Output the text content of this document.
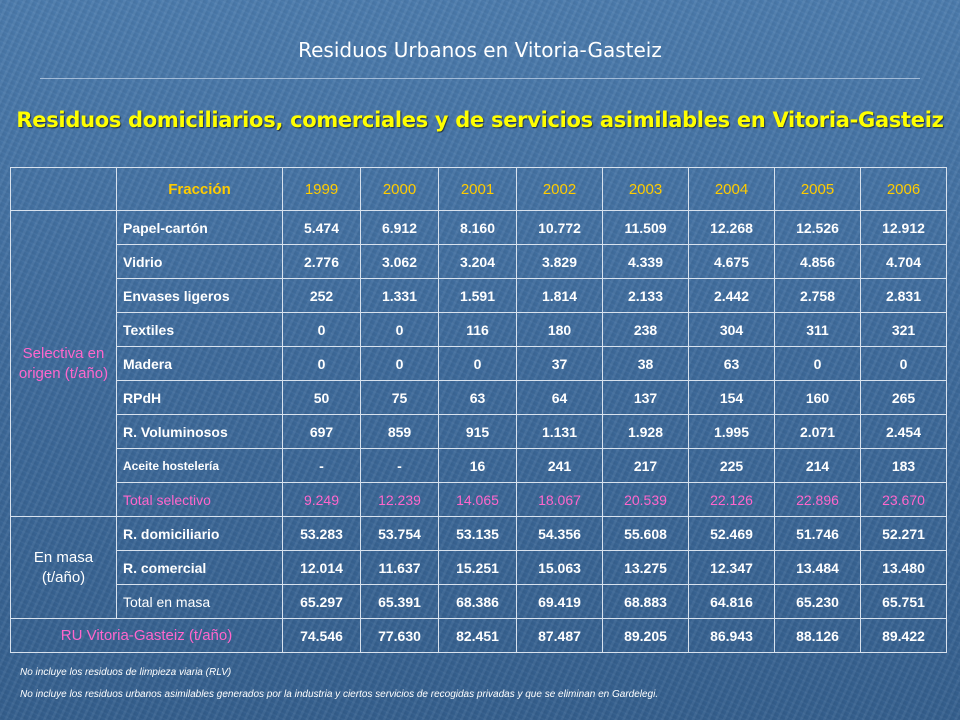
Residuos Urbanos en Vitoria-Gasteiz
Residuos domiciliarios, comerciales y de servicios asimilables en Vitoria-Gasteiz
	Fracción	1999	2000	2001	2002	2003	2004	2005	2006
Selectiva en origen (t/año)	Papel-cartón	5.474	6.912	8.160	10.772	11.509	12.268	12.526	12.912
	Vidrio	2.776	3.062	3.204	3.829	4.339	4.675	4.856	4.704
	Envases ligeros	252	1.331	1.591	1.814	2.133	2.442	2.758	2.831
	Textiles	0	0	116	180	238	304	311	321
	Madera	0	0	0	37	38	63	0	0
	RPdH	50	75	63	64	137	154	160	265
	R. Voluminosos	697	859	915	1.131	1.928	1.995	2.071	2.454
	Aceite hostelería	-	-	16	241	217	225	214	183
	Total selectivo	9.249	12.239	14.065	18.067	20.539	22.126	22.896	23.670
En masa (t/año)	R. domiciliario	53.283	53.754	53.135	54.356	55.608	52.469	51.746	52.271
	R. comercial	12.014	11.637	15.251	15.063	13.275	12.347	13.484	13.480
	Total en masa	65.297	65.391	68.386	69.419	68.883	64.816	65.230	65.751
RU Vitoria-Gasteiz (t/año)		74.546	77.630	82.451	87.487	89.205	86.943	88.126	89.422
No incluye los residuos de limpieza viaria (RLV)
No incluye los residuos urbanos asimilables generados por la industria y ciertos servicios de recogidas privadas y que se eliminan en Gardelegi.
